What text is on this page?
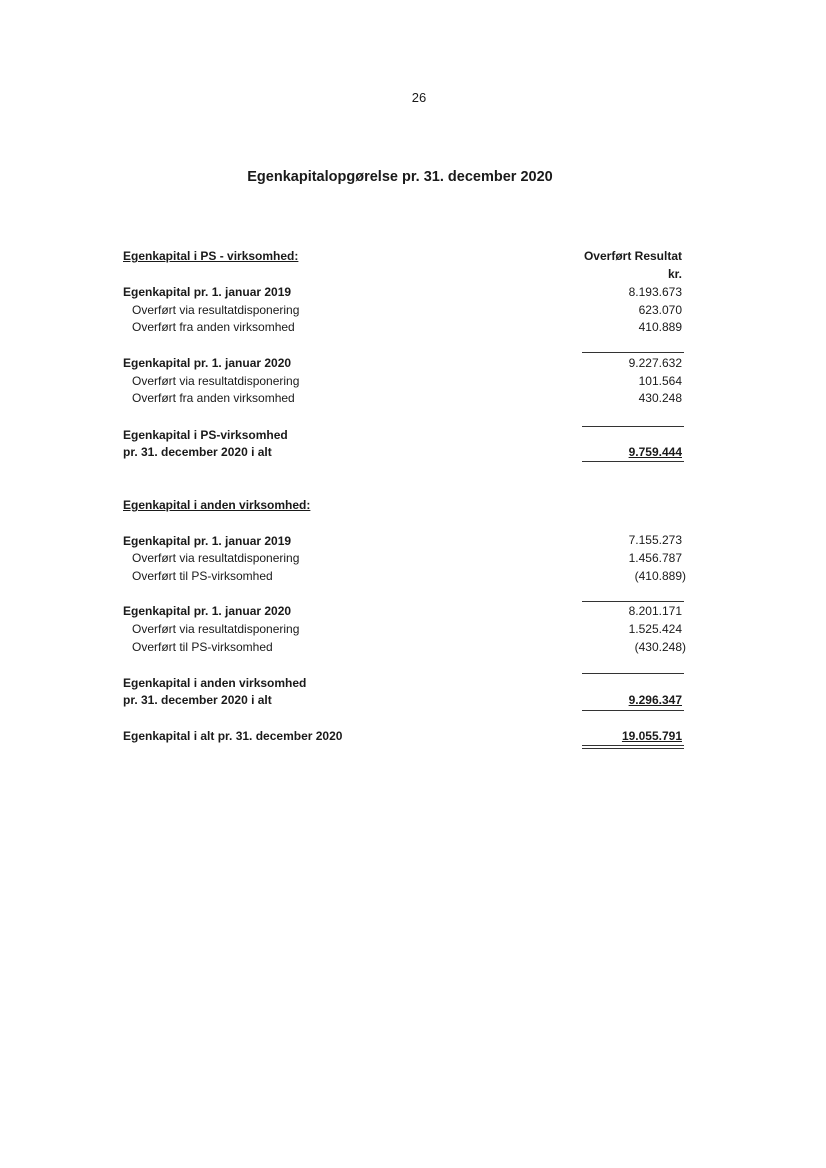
26
Egenkapitalopgørelse pr. 31. december 2020
Overført Resultat
kr.
Egenkapital i PS - virksomhed:
Egenkapital pr. 1. januar 2019	8.193.673
Overført via resultatdisponering	623.070
Overført fra anden virksomhed	410.889
Egenkapital pr. 1. januar 2020	9.227.632
Overført via resultatdisponering	101.564
Overført fra anden virksomhed	430.248
Egenkapital i PS-virksomhed
pr. 31. december 2020 i alt	9.759.444
Egenkapital i anden virksomhed:
Egenkapital pr. 1. januar 2019	7.155.273
Overført via resultatdisponering	1.456.787
Overført til PS-virksomhed	(410.889)
Egenkapital pr. 1. januar 2020	8.201.171
Overført via resultatdisponering	1.525.424
Overført til PS-virksomhed	(430.248)
Egenkapital i anden virksomhed
pr. 31. december 2020 i alt	9.296.347
Egenkapital i alt pr. 31. december 2020	19.055.791
